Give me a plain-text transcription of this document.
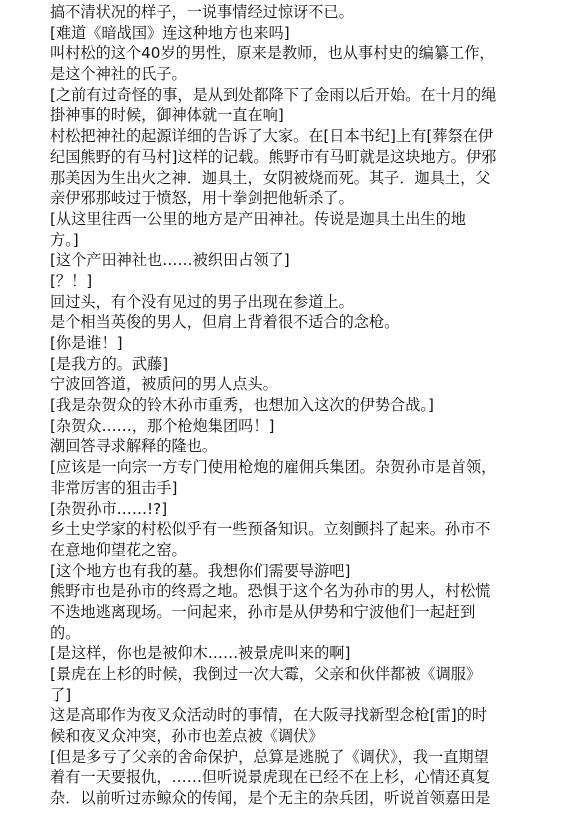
搞不清状况的样子，一说事情经过惊讶不已。
[难道《暗战国》连这种地方也来吗]
叫村松的这个40岁的男性，原来是教师，也从事村史的编纂工作，
是这个神社的氏子。
[之前有过奇怪的事，是从到处都降下了金雨以后开始。在十月的绳
掛神事的时候，御神体就一直在响]
村松把神社的起源详细的告诉了大家。在[日本书纪]上有[葬祭在伊
纪国熊野的有马村]这样的记载。熊野市有马町就是这块地方。伊邪
那美因为生出火之神．迦具土，女阴被烧而死。其子．迦具土，父
亲伊邪那岐过于愤怒，用十拳剑把他斩杀了。
[从这里往西一公里的地方是产田神社。传说是迦具土出生的地
方。]
[这个产田神社也……被织田占领了]
[？！]
回过头，有个没有见过的男子出现在参道上。
是个相当英俊的男人，但肩上背着很不适合的念枪。
[你是谁！]
[是我方的。武藤]
宁波回答道，被质问的男人点头。
[我是杂贺众的铃木孙市重秀，也想加入这次的伊势合战。]
[杂贺众……，那个枪炮集团吗！]
潮回答寻求解释的隆也。
[应该是一向宗一方专门使用枪炮的雇佣兵集团。杂贺孙市是首领，
非常厉害的狙击手]
[杂贺孙市……!?]
乡土史学家的村松似乎有一些预备知识。立刻颤抖了起来。孙市不
在意地仰望花之窑。
[这个地方也有我的墓。我想你们需要导游吧]
熊野市也是孙市的终焉之地。恐惧于这个名为孙市的男人，村松慌
不迭地逃离现场。一问起来，孙市是从伊势和宁波他们一起赶到
的。
[是这样，你也是被仰木……被景虎叫来的啊]
[景虎在上杉的时候，我倒过一次大霉，父亲和伙伴都被《调服》
了]
这是高耶作为夜叉众活动时的事情，在大阪寻找新型念枪[雷]的时
候和夜叉众冲突，孙市也差点被《调伏》
[但是多亏了父亲的舍命保护，总算是逃脱了《调伏》，我一直期望
着有一天要报仇，……但听说景虎现在已经不在上杉，心情还真复
杂．以前听过赤鲸众的传闻，是个无主的杂兵团，听说首领嘉田是
